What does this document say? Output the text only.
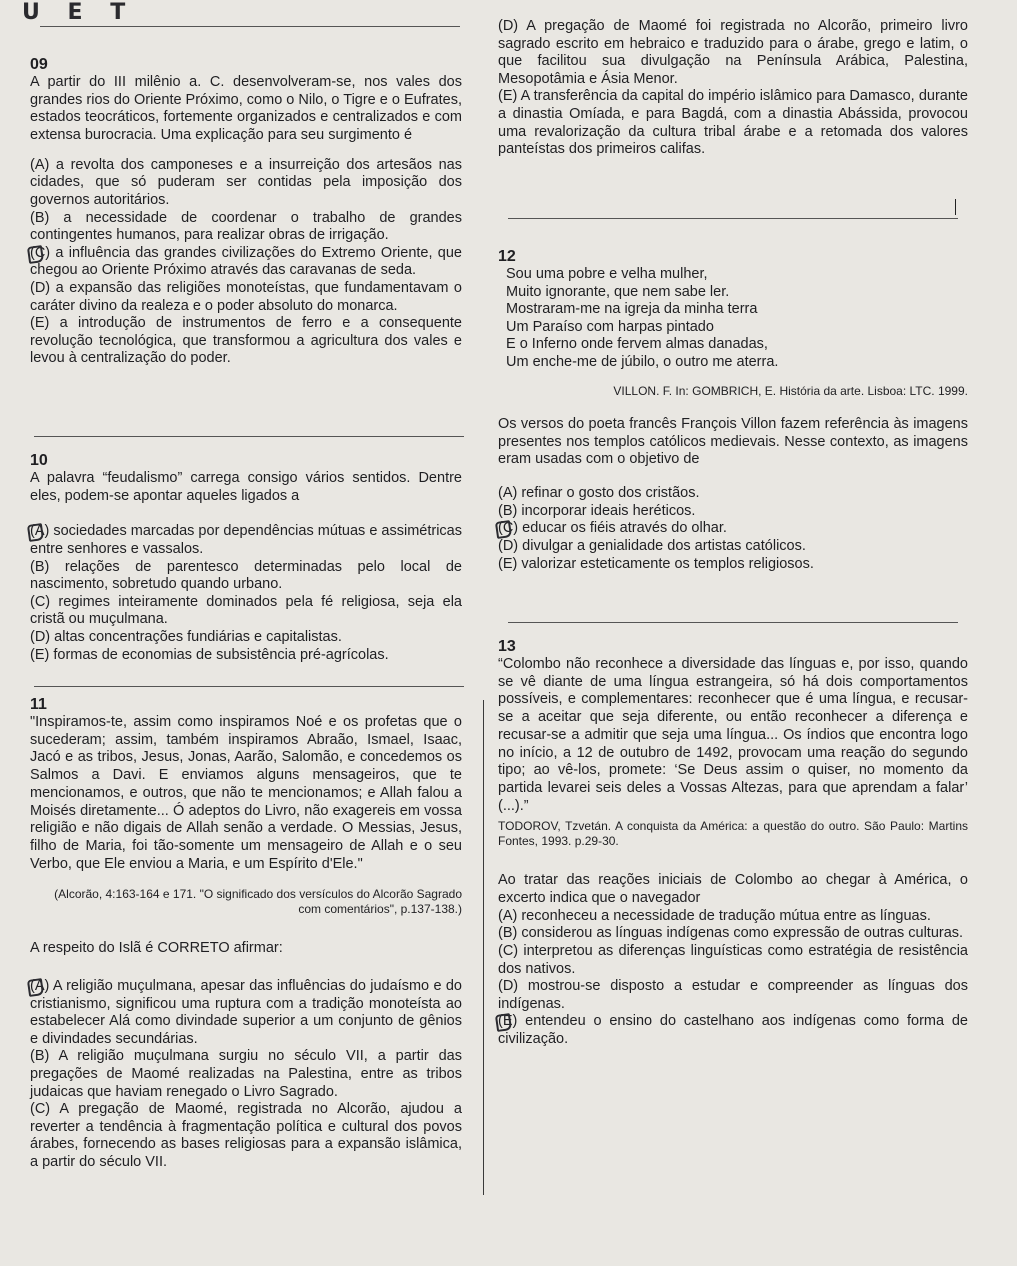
U E T
09

A partir do III milênio a. C. desenvolveram-se, nos vales dos grandes rios do Oriente Próximo, como o Nilo, o Tigre e o Eufrates, estados teocráticos, fortemente organizados e centralizados e com extensa burocracia. Uma explicação para seu surgimento é

(A) a revolta dos camponeses e a insurreição dos artesãos nas cidades, que só puderam ser contidas pela imposição dos governos autoritários.

(B) a necessidade de coordenar o trabalho de grandes contingentes humanos, para realizar obras de irrigação.

(C) a influência das grandes civilizações do Extremo Oriente, que chegou ao Oriente Próximo através das caravanas de seda.

(D) a expansão das religiões monoteístas, que fundamentavam o caráter divino da realeza e o poder absoluto do monarca.

(E) a introdução de instrumentos de ferro e a consequente revolução tecnológica, que transformou a agricultura dos vales e levou à centralização do poder.

10

A palavra “feudalismo” carrega consigo vários sentidos. Dentre eles, podem-se apontar aqueles ligados a

(A) sociedades marcadas por dependências mútuas e assimétricas entre senhores e vassalos.

(B) relações de parentesco determinadas pelo local de nascimento, sobretudo quando urbano.

(C) regimes inteiramente dominados pela fé religiosa, seja ela cristã ou muçulmana.

(D) altas concentrações fundiárias e capitalistas.

(E) formas de economias de subsistência pré-agrícolas.

11

"Inspiramos-te, assim como inspiramos Noé e os profetas que o sucederam; assim, também inspiramos Abraão, Ismael, Isaac, Jacó e as tribos, Jesus, Jonas, Aarão, Salomão, e concedemos os Salmos a Davi. E enviamos alguns mensageiros, que te mencionamos, e outros, que não te mencionamos; e Allah falou a Moisés diretamente... Ó adeptos do Livro, não exagereis em vossa religião e não digais de Allah senão a verdade. O Messias, Jesus, filho de Maria, foi tão-somente um mensageiro de Allah e o seu Verbo, que Ele enviou a Maria, e um Espírito d'Ele."

(Alcorão, 4:163-164 e 171. "O significado dos versículos do Alcorão Sagrado com comentários", p.137-138.)

A respeito do Islã é CORRETO afirmar:

(A) A religião muçulmana, apesar das influências do judaísmo e do cristianismo, significou uma ruptura com a tradição monoteísta ao estabelecer Alá como divindade superior a um conjunto de gênios e divindades secundárias.

(B) A religião muçulmana surgiu no século VII, a partir das pregações de Maomé realizadas na Palestina, entre as tribos judaicas que haviam renegado o Livro Sagrado.

(C) A pregação de Maomé, registrada no Alcorão, ajudou a reverter a tendência à fragmentação política e cultural dos povos árabes, fornecendo as bases religiosas para a expansão islâmica, a partir do século VII.

(D) A pregação de Maomé foi registrada no Alcorão, primeiro livro sagrado escrito em hebraico e traduzido para o árabe, grego e latim, o que facilitou sua divulgação na Península Arábica, Palestina, Mesopotâmia e Ásia Menor.

(E) A transferência da capital do império islâmico para Damasco, durante a dinastia Omíada, e para Bagdá, com a dinastia Abássida, provocou uma revalorização da cultura tribal árabe e a retomada dos valores panteístas dos primeiros califas.

12

Sou uma pobre e velha mulher,

Muito ignorante, que nem sabe ler.

Mostraram-me na igreja da minha terra

Um Paraíso com harpas pintado

E o Inferno onde fervem almas danadas,

Um enche-me de júbilo, o outro me aterra.

VILLON. F. In: GOMBRICH, E. História da arte. Lisboa: LTC. 1999.

Os versos do poeta francês François Villon fazem referência às imagens presentes nos templos católicos medievais. Nesse contexto, as imagens eram usadas com o objetivo de

(A) refinar o gosto dos cristãos.

(B) incorporar ideais heréticos.

(C) educar os fiéis através do olhar.

(D) divulgar a genialidade dos artistas católicos.

(E) valorizar esteticamente os templos religiosos.

13

“Colombo não reconhece a diversidade das línguas e, por isso, quando se vê diante de uma língua estrangeira, só há dois comportamentos possíveis, e complementares: reconhecer que é uma língua, e recusar-se a aceitar que seja diferente, ou então reconhecer a diferença e recusar-se a admitir que seja uma língua... Os índios que encontra logo no início, a 12 de outubro de 1492, provocam uma reação do segundo tipo; ao vê-los, promete: ‘Se Deus assim o quiser, no momento da partida levarei seis deles a Vossas Altezas, para que aprendam a falar’ (...).”

TODOROV, Tzvetán. A conquista da América: a questão do outro. São Paulo: Martins Fontes, 1993. p.29-30.

Ao tratar das reações iniciais de Colombo ao chegar à América, o excerto indica que o navegador

(A) reconheceu a necessidade de tradução mútua entre as línguas.

(B) considerou as línguas indígenas como expressão de outras culturas.

(C) interpretou as diferenças linguísticas como estratégia de resistência dos nativos.

(D) mostrou-se disposto a estudar e compreender as línguas dos indígenas.

(E) entendeu o ensino do castelhano aos indígenas como forma de civilização.
